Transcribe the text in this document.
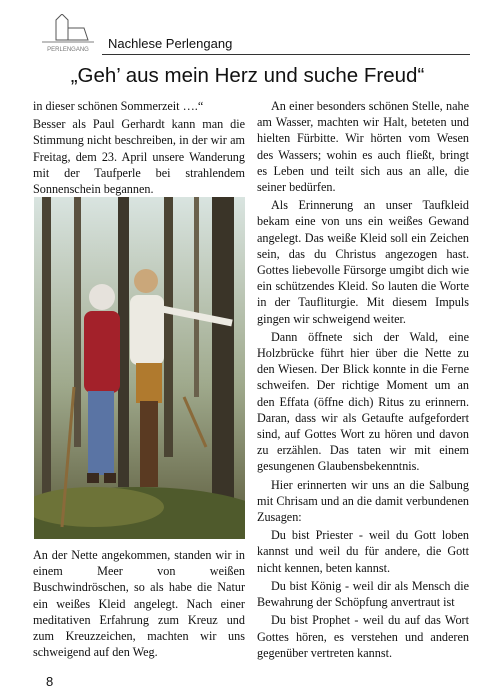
PERLENGANG Nachlese Perlengang
„Geh’ aus mein Herz und suche Freud“

in dieser schönen Sommerzeit ….“

Besser als Paul Gerhardt kann man die Stimmung nicht beschreiben, in der wir am Freitag, dem 23. April unsere Wanderung mit der Taufperle bei strahlendem Sonnenschein begannen.

An der Nette angekommen, standen wir in einem Meer von weißen Buschwindröschen, so als habe die Natur ein weißes Kleid angelegt. Nach einer meditativen Erfahrung zum Kreuz und zum Kreuzzeichen, machten wir uns schweigend auf den Weg.

An einer besonders schönen Stelle, nahe am Wasser, machten wir Halt, beteten und hielten Fürbitte. Wir hörten vom Wesen des Wassers; wohin es auch fließt, bringt es Leben und teilt sich aus an alle, die seiner bedürfen.

Als Erinnerung an unser Taufkleid bekam eine von uns ein weißes Gewand angelegt. Das weiße Kleid soll ein Zeichen sein, das du Christus angezogen hast. Gottes liebevolle Fürsorge umgibt dich wie ein schützendes Kleid. So lauten die Worte in der Taufliturgie. Mit diesem Impuls gingen wir schweigend weiter.

Dann öffnete sich der Wald, eine Holzbrücke führt hier über die Nette zu den Wiesen. Der Blick konnte in die Ferne schweifen. Der richtige Moment um an den Effata (öffne dich) Ritus zu erinnern. Daran, dass wir als Getaufte aufgefordert sind, auf Gottes Wort zu hören und davon zu erzählen. Das taten wir mit einem gesungenen Glaubensbekenntnis.

Hier erinnerten wir uns an die Salbung mit Chrisam und an die damit verbundenen Zusagen:

Du bist Priester - weil du Gott loben kannst und weil du für andere, die Gott nicht kennen, beten kannst.

Du bist König - weil dir als Mensch die Bewahrung der Schöpfung anvertraut ist

Du bist Prophet - weil du auf das Wort Gottes hören, es verstehen und anderen gegenüber vertreten kannst.

8
